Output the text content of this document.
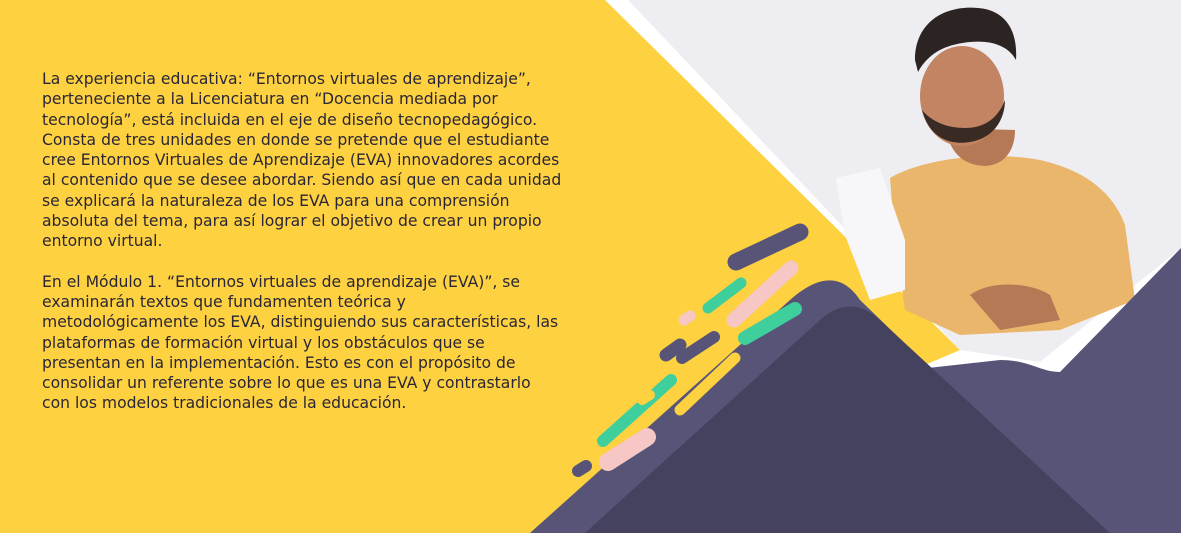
La experiencia educativa: “Entornos virtuales de aprendizaje”, perteneciente a la Licenciatura en “Docencia mediada por tecnología”, está incluida en el eje de diseño tecnopedagógico. Consta de tres unidades en donde se pretende que el estudiante cree Entornos Virtuales de Aprendizaje (EVA) innovadores acordes al contenido que se desee abordar. Siendo así que en cada unidad se explicará la naturaleza de los EVA para una comprensión absoluta del tema, para así lograr el objetivo de crear un propio entorno virtual.

En el Módulo 1. “Entornos virtuales de aprendizaje (EVA)”, se examinarán textos que fundamenten teórica y metodológicamente los EVA, distinguiendo sus características, las plataformas de formación virtual y los obstáculos que se presentan en la implementación. Esto es con el propósito de consolidar un referente sobre lo que es una EVA y contrastarlo con los modelos tradicionales de la educación.
